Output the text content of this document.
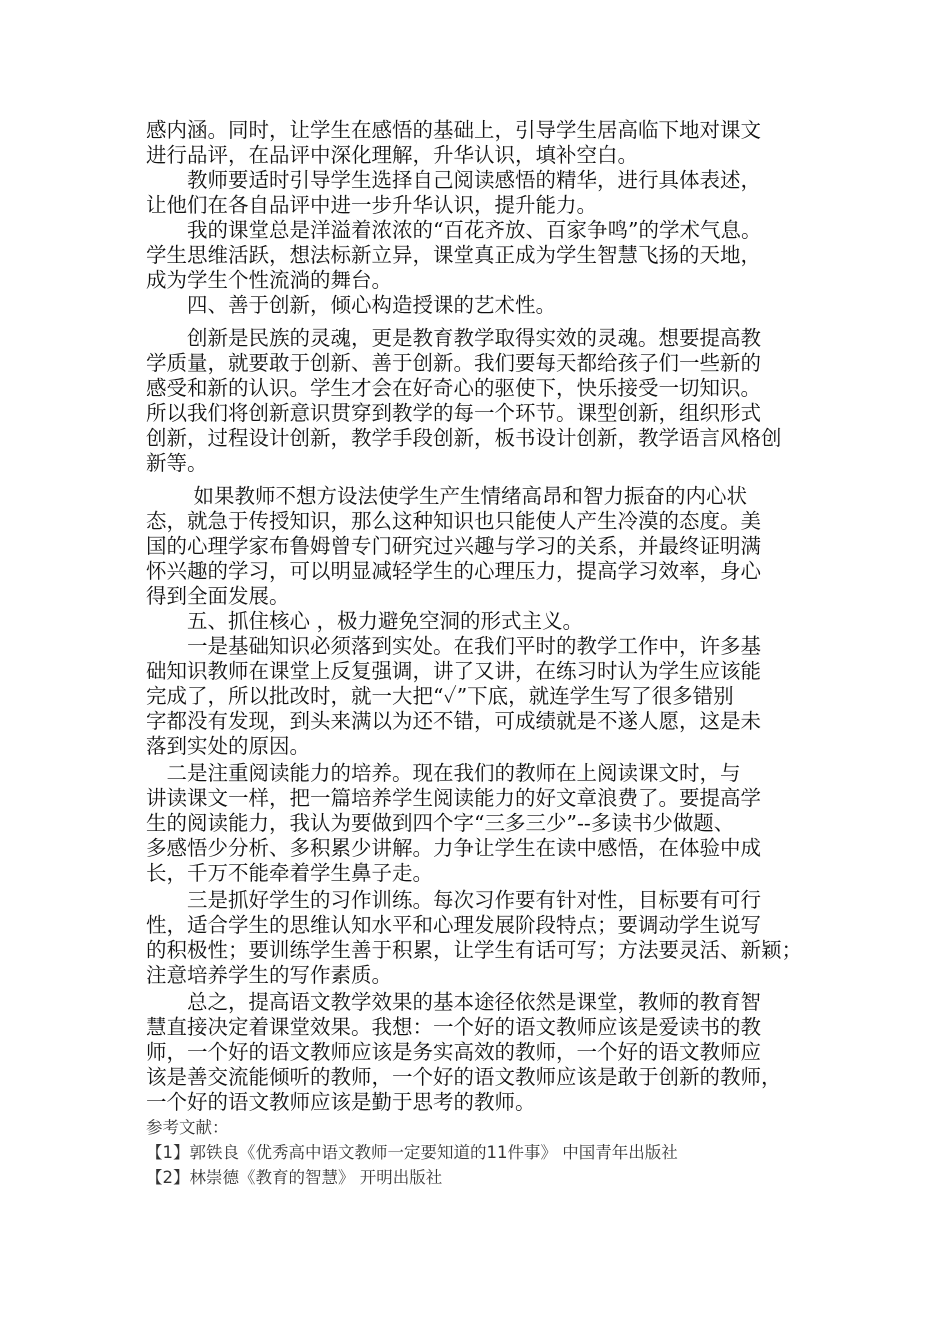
感内涵。同时，让学生在感悟的基础上，引导学生居高临下地对课文

进行品评，在品评中深化理解，升华认识，填补空白。

　　教师要适时引导学生选择自己阅读感悟的精华，进行具体表述，

让他们在各自品评中进一步升华认识，提升能力。

　　我的课堂总是洋溢着浓浓的“百花齐放、百家争鸣”的学术气息。

学生思维活跃，想法标新立异，课堂真正成为学生智慧飞扬的天地，

成为学生个性流淌的舞台。

　　四、善于创新，倾心构造授课的艺术性。

　　创新是民族的灵魂，更是教育教学取得实效的灵魂。想要提高教

学质量，就要敢于创新、善于创新。我们要每天都给孩子们一些新的

感受和新的认识。学生才会在好奇心的驱使下，快乐接受一切知识。

所以我们将创新意识贯穿到教学的每一个环节。课型创新，组织形式

创新，过程设计创新，教学手段创新，板书设计创新，教学语言风格创

新等。

　　 如果教师不想方设法使学生产生情绪高昂和智力振奋的内心状

态，就急于传授知识，那么这种知识也只能使人产生冷漠的态度。美

国的心理学家布鲁姆曾专门研究过兴趣与学习的关系，并最终证明满

怀兴趣的学习，可以明显减轻学生的心理压力，提高学习效率，身心

得到全面发展。

　　五、抓住核心 ，极力避免空洞的形式主义。

　　一是基础知识必须落到实处。在我们平时的教学工作中，许多基

础知识教师在课堂上反复强调，讲了又讲，在练习时认为学生应该能

完成了，所以批改时，就一大把“✓”下底，就连学生写了很多错别

字都没有发现，到头来满以为还不错，可成绩就是不遂人愿，这是未

落到实处的原因。

　二是注重阅读能力的培养。现在我们的教师在上阅读课文时，与

讲读课文一样，把一篇培养学生阅读能力的好文章浪费了。要提高学

生的阅读能力，我认为要做到四个字“三多三少”--多读书少做题、

多感悟少分析、多积累少讲解。力争让学生在读中感悟，在体验中成

长，千万不能牵着学生鼻子走。

　　三是抓好学生的习作训练。每次习作要有针对性，目标要有可行

性，适合学生的思维认知水平和心理发展阶段特点；要调动学生说写

的积极性；要训练学生善于积累，让学生有话可写；方法要灵活、新颖；

注意培养学生的写作素质。

　　总之，提高语文教学效果的基本途径依然是课堂，教师的教育智

慧直接决定着课堂效果。我想：一个好的语文教师应该是爱读书的教

师，一个好的语文教师应该是务实高效的教师，一个好的语文教师应

该是善交流能倾听的教师，一个好的语文教师应该是敢于创新的教师，

一个好的语文教师应该是勤于思考的教师。

参考文献：

【1】郭铁良《优秀高中语文教师一定要知道的11件事》 中国青年出版社

【2】林崇德《教育的智慧》 开明出版社
